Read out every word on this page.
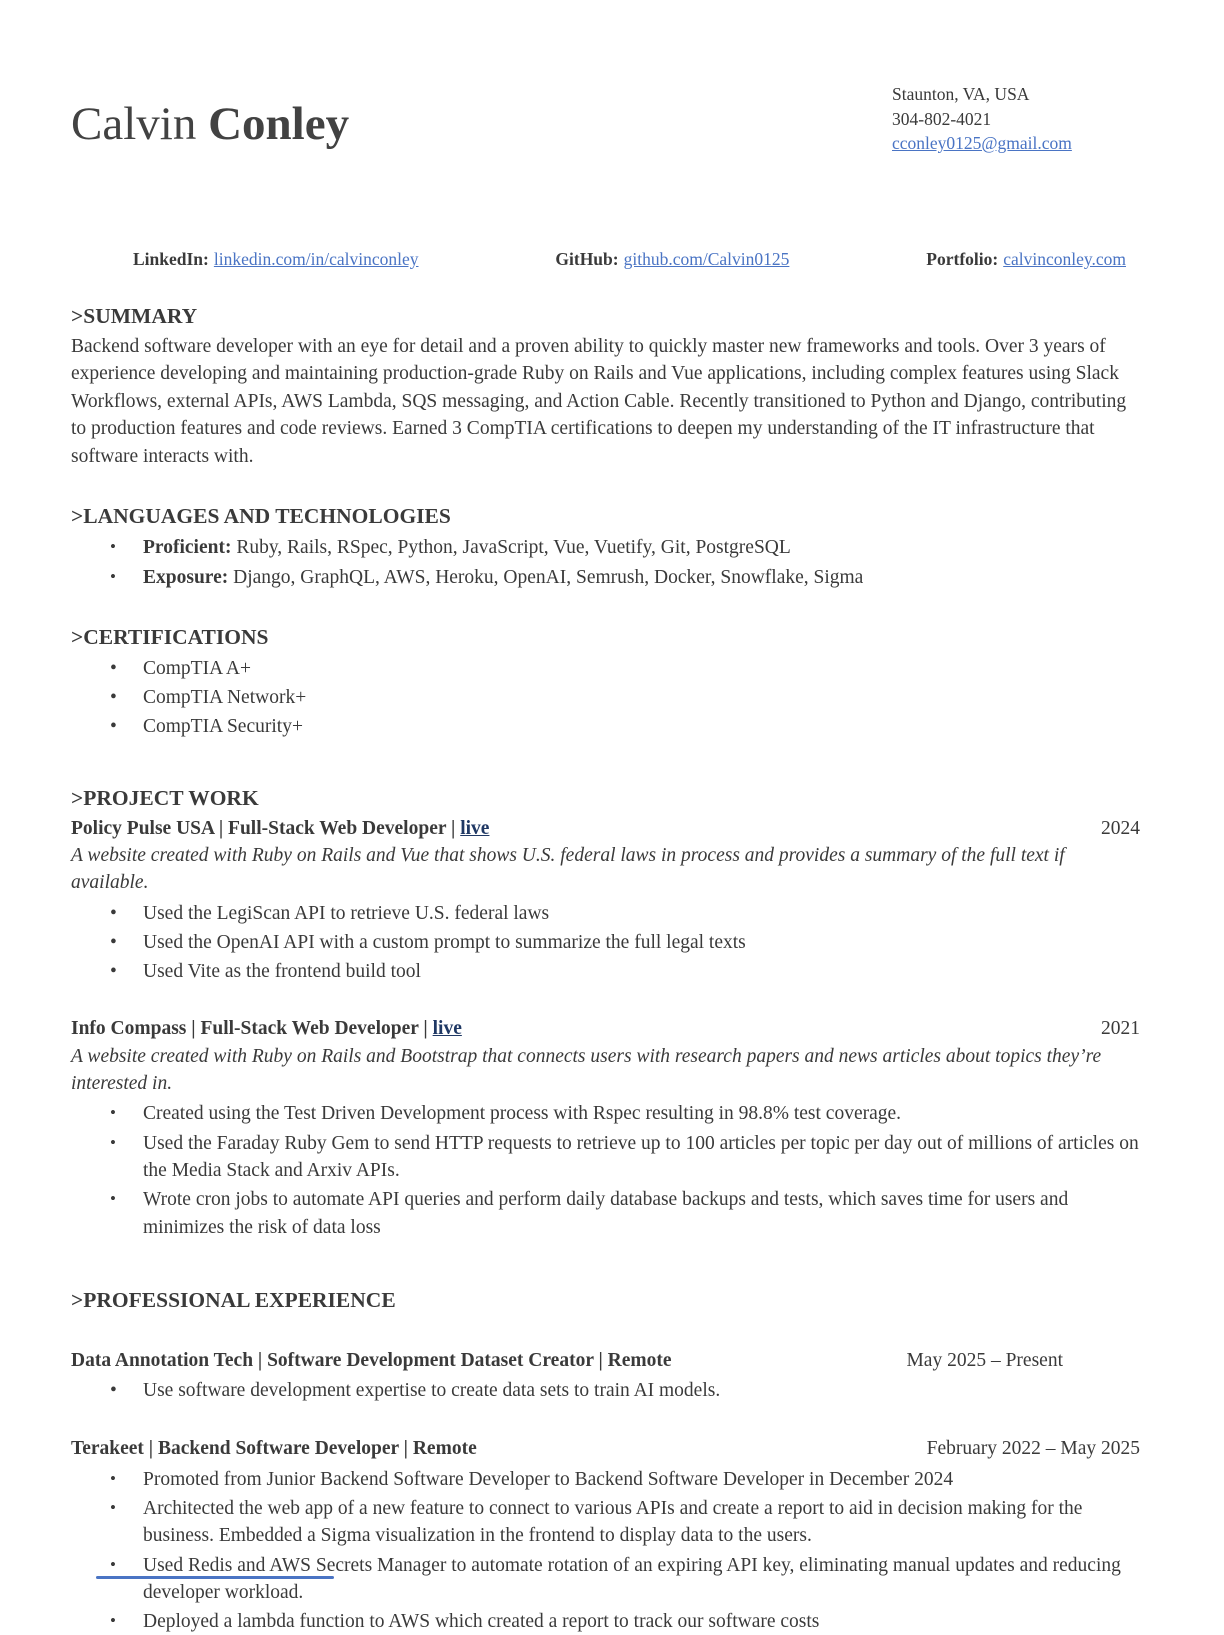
Calvin Conley
Staunton, VA, USA
304-802-4021
cconley0125@gmail.com
LinkedIn: linkedin.com/in/calvinconley	GitHub: github.com/Calvin0125	Portfolio: calvinconley.com
>SUMMARY

Backend software developer with an eye for detail and a proven ability to quickly master new frameworks and tools. Over 3 years of experience developing and maintaining production-grade Ruby on Rails and Vue applications, including complex features using Slack Workflows, external APIs, AWS Lambda, SQS messaging, and Action Cable. Recently transitioned to Python and Django, contributing to production features and code reviews. Earned 3 CompTIA certifications to deepen my understanding of the IT infrastructure that software interacts with.

>LANGUAGES AND TECHNOLOGIES
• Proficient: Ruby, Rails, RSpec, Python, JavaScript, Vue, Vuetify, Git, PostgreSQL
• Exposure: Django, GraphQL, AWS, Heroku, OpenAI, Semrush, Docker, Snowflake, Sigma
>CERTIFICATIONS
• CompTIA A+
• CompTIA Network+
• CompTIA Security+
>PROJECT WORK
Policy Pulse USA | Full-Stack Web Developer | live	2024

A website created with Ruby on Rails and Vue that shows U.S. federal laws in process and provides a summary of the full text if available.

• Used the LegiScan API to retrieve U.S. federal laws
• Used the OpenAI API with a custom prompt to summarize the full legal texts
• Used Vite as the frontend build tool
Info Compass | Full-Stack Web Developer | live	2021

A website created with Ruby on Rails and Bootstrap that connects users with research papers and news articles about topics they’re interested in.

• Created using the Test Driven Development process with Rspec resulting in 98.8% test coverage.
• Used the Faraday Ruby Gem to send HTTP requests to retrieve up to 100 articles per topic per day out of millions of articles on the Media Stack and Arxiv APIs.
• Wrote cron jobs to automate API queries and perform daily database backups and tests, which saves time for users and minimizes the risk of data loss
>PROFESSIONAL EXPERIENCE
Data Annotation Tech | Software Development Dataset Creator | Remote	May 2025 – Present
• Use software development expertise to create data sets to train AI models.
Terakeet | Backend Software Developer | Remote	February 2022 – May 2025
• Promoted from Junior Backend Software Developer to Backend Software Developer in December 2024
• Architected the web app of a new feature to connect to various APIs and create a report to aid in decision making for the business. Embedded a Sigma visualization in the frontend to display data to the users.
• Used Redis and AWS Secrets Manager to automate rotation of an expiring API key, eliminating manual updates and reducing developer workload.
• Deployed a lambda function to AWS which created a report to track our software costs
